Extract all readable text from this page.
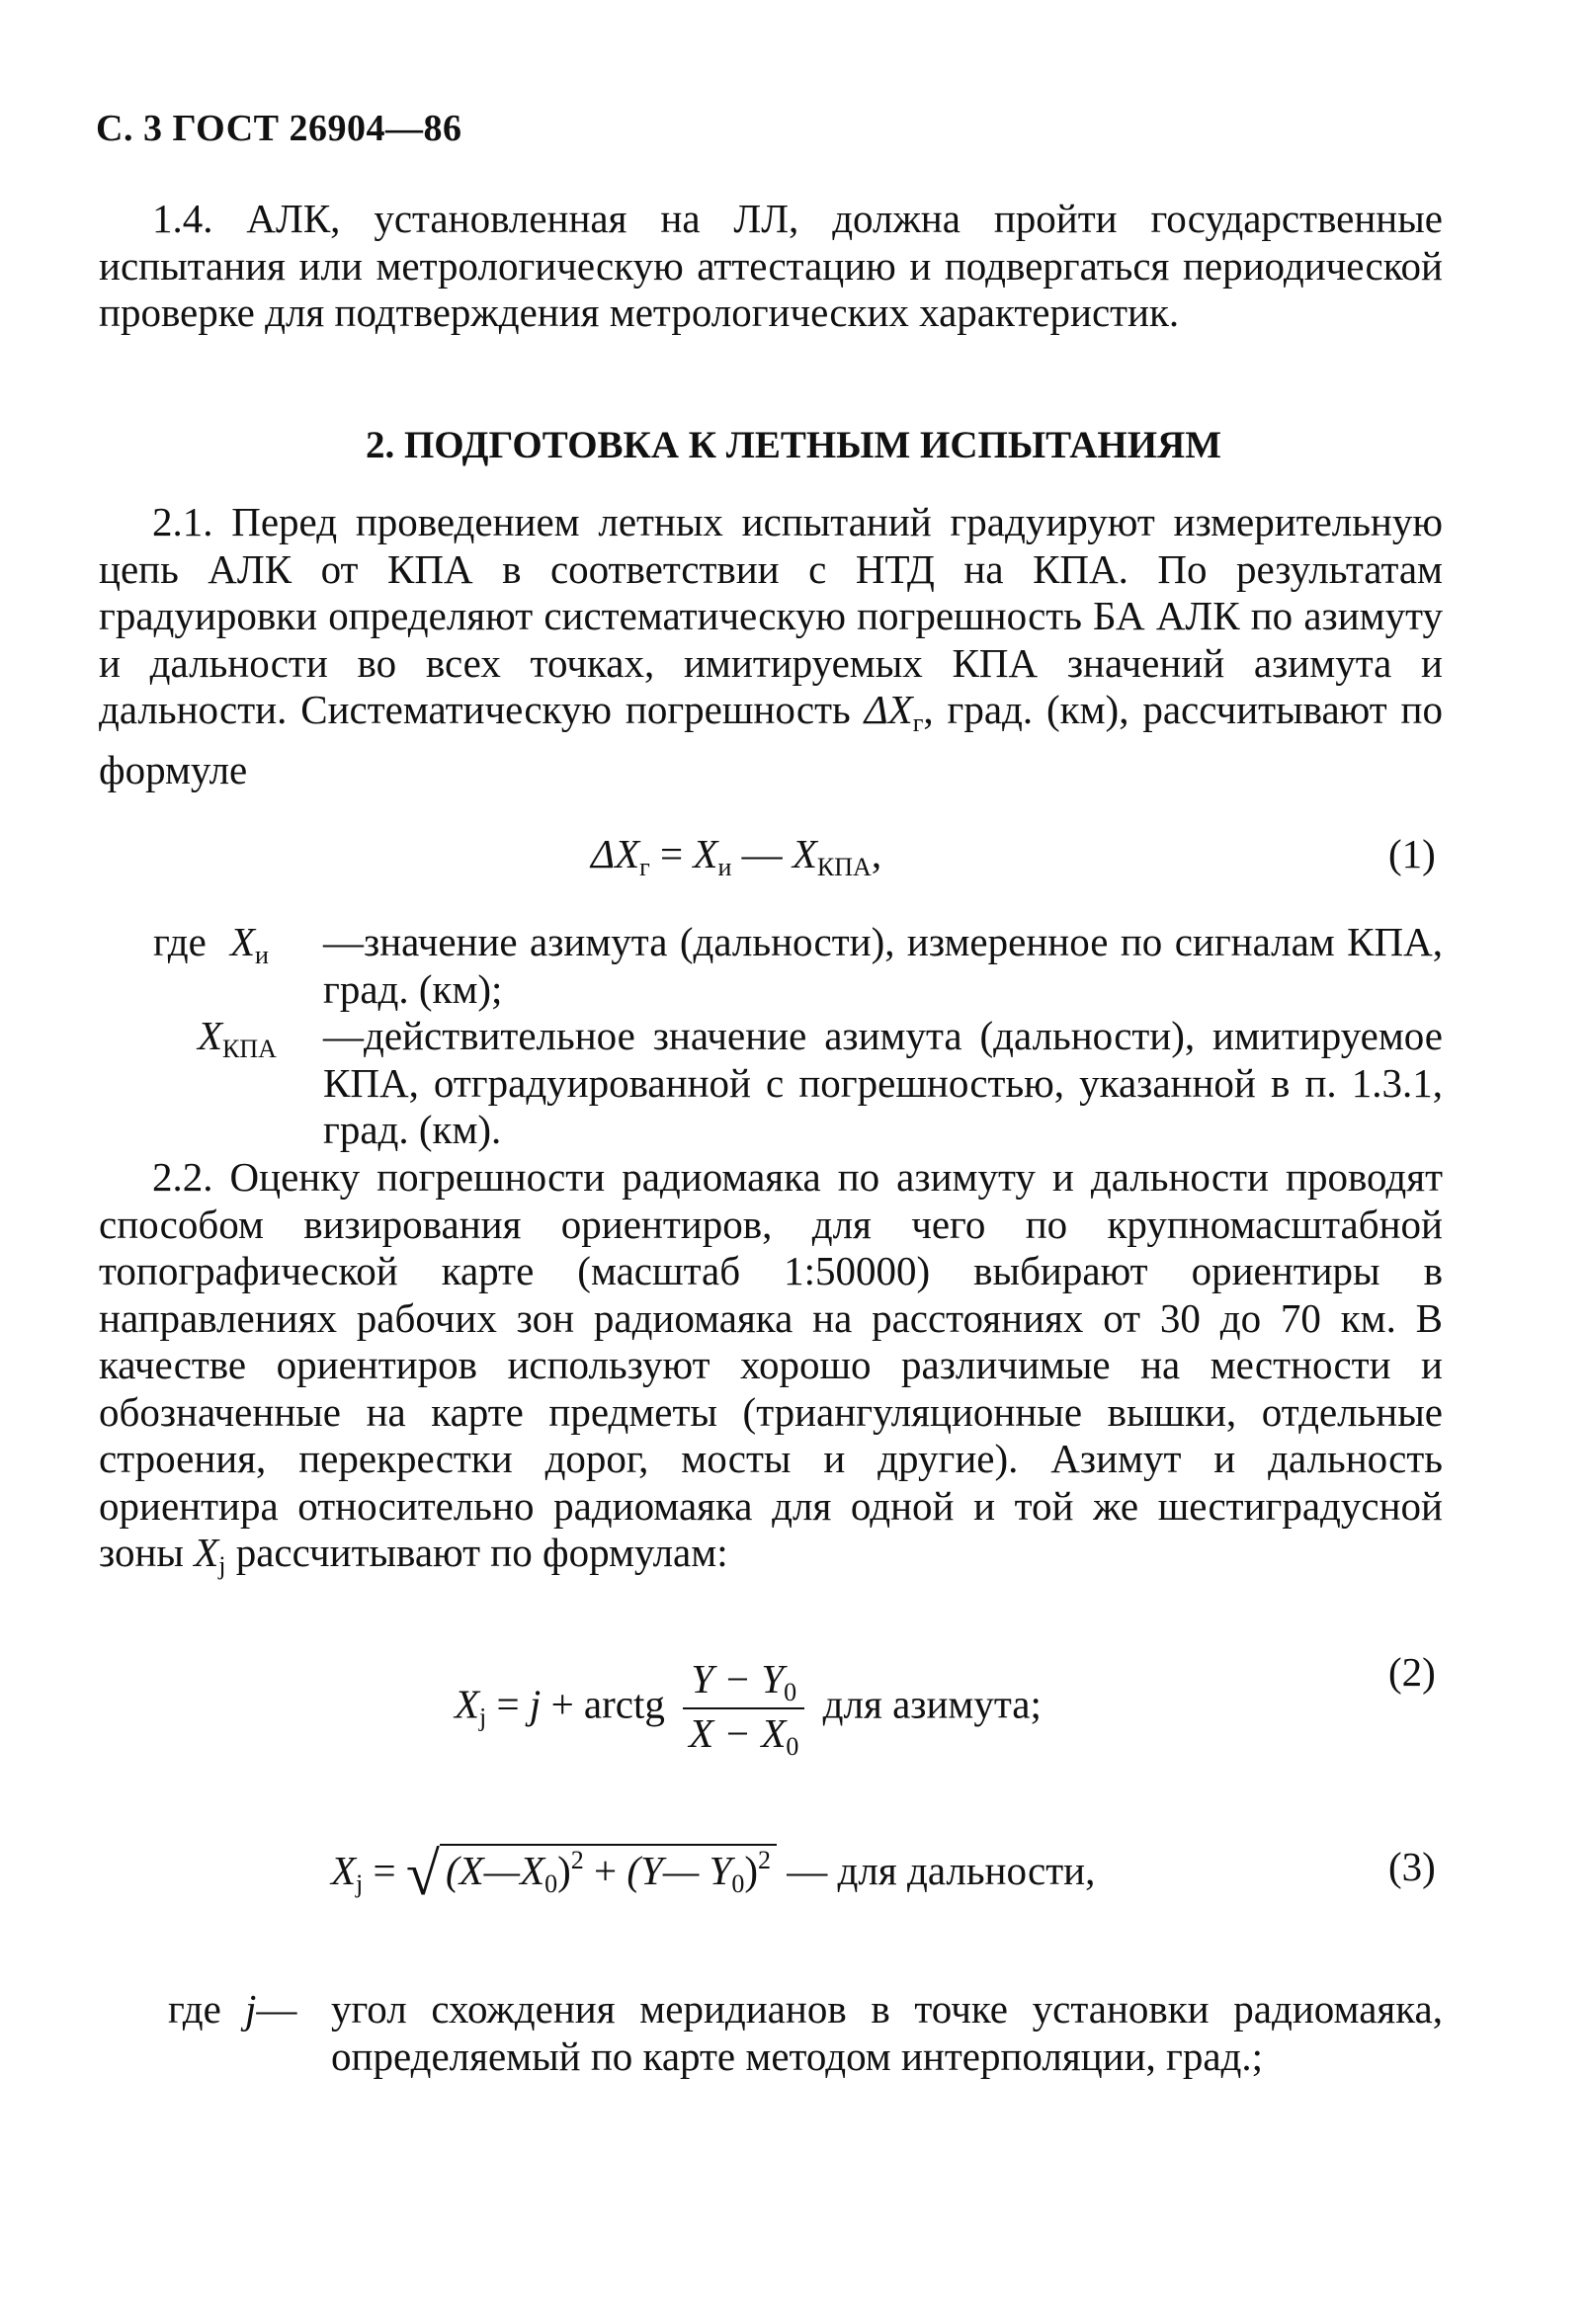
С. 3 ГОСТ 26904—86
1.4. АЛК, установленная на ЛЛ, должна пройти государственные испытания или метрологическую аттестацию и подвергаться периодической проверке для подтверждения метрологических характеристик.
2. ПОДГОТОВКА К ЛЕТНЫМ ИСПЫТАНИЯМ
2.1. Перед проведением летных испытаний градуируют измерительную цепь АЛК от КПА в соответствии с НТД на КПА. По результатам градуировки определяют систематическую погрешность БА АЛК по азимуту и дальности во всех точках, имитируемых КПА значений азимута и дальности. Систематическую погрешность $\Delta X_г$, град. (км), рассчитывают по формуле
$\Delta X_г = X_и$ — $X_{КПА}$,	(1)
где $X_и$ —значение азимута (дальности), измеренное по сигналам КПА, град. (км);
$X_{КПА}$ —действительное значение азимута (дальности), имитируемое КПА, отградуированной с погрешностью, указанной в п. 1.3.1, град. (км).
2.2. Оценку погрешности радиомаяка по азимуту и дальности проводят способом визирования ориентиров, для чего по крупномасштабной топографической карте (масштаб 1:50000) выбирают ориентиры в направлениях рабочих зон радиомаяка на расстояниях от 30 до 70 км. В качестве ориентиров используют хорошо различимые на местности и обозначенные на карте предметы (триангуляционные вышки, отдельные строения, перекрестки дорог, мосты и другие). Азимут и дальность ориентира относительно радиомаяка для одной и той же шестиградусной зоны $X_j$ рассчитывают по формулам:
$X_j = j$ + arctg $\frac{Y - Y_0}{X - X_0}$ для азимута;
(2)
$X_j$ = √ $(X—X_0)^2$ + (Y— $Y_0)^2$ — для дальности,	(3)
где j— угол схождения меридианов в точке установки радиомаяка, определяемый по карте методом интерполяции, град.;
